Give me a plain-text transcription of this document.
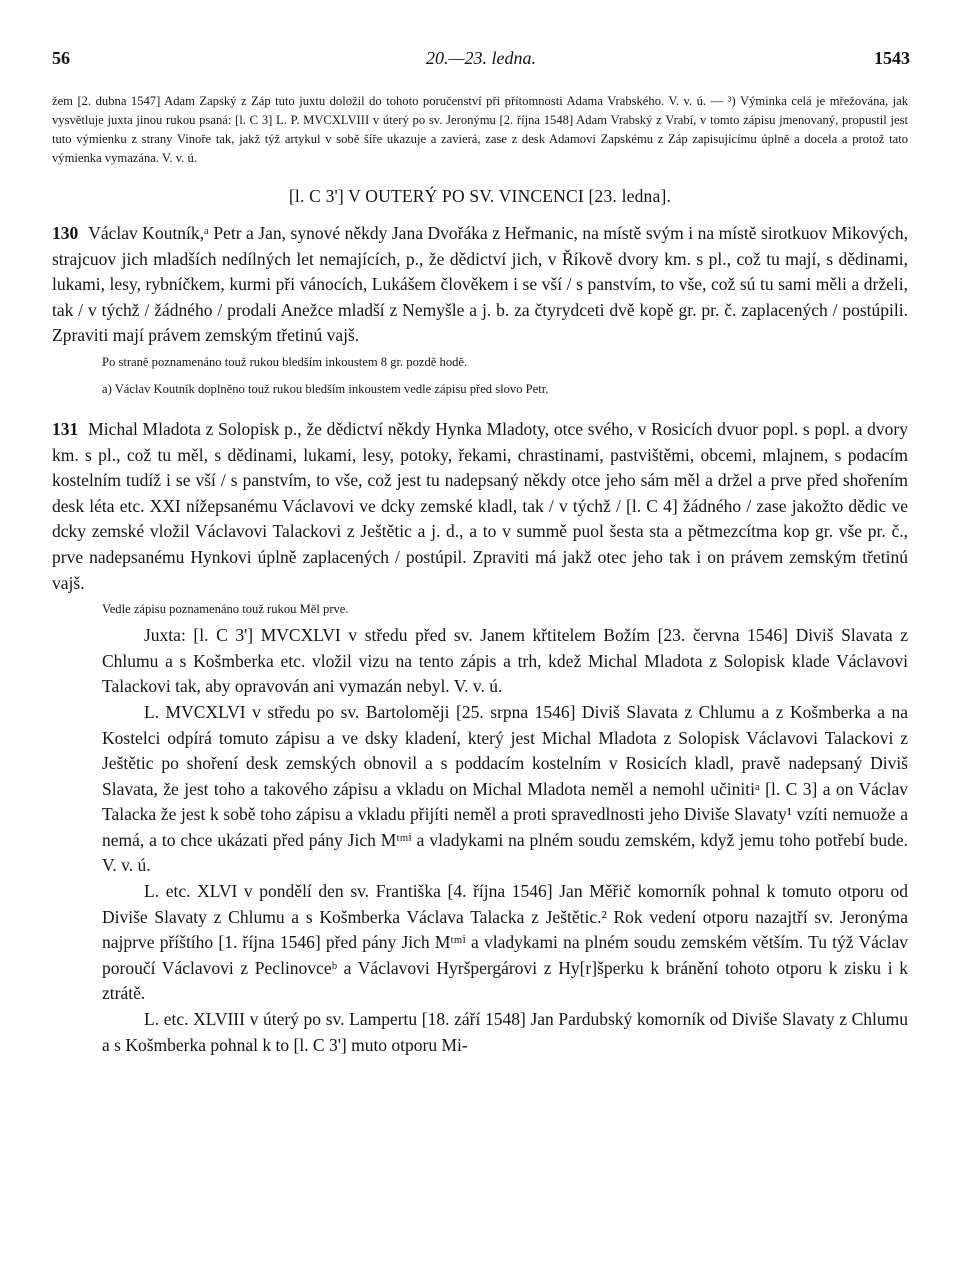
56	20.—23. ledna.	1543

žem [2. dubna 1547] Adam Zapský z Záp tuto juxtu doložil do tohoto poručenství při přítomnosti Adama Vrabského. V. v. ú. — ³) Výminka celá je mřežována, jak vysvětluje juxta jinou rukou psaná: [l. C 3] L. P. MVCXLVIII v úterý po sv. Jeronýmu [2. října 1548] Adam Vrabský z Vrabí, v tomto zápisu jmenovaný, propustil jest tuto výmienku z strany Vinoře tak, jakž týž artykul v sobě šíře ukazuje a zavierá, zase z desk Adamovi Zapskému z Záp zapisujícímu úplně a docela a protož tato výmienka vymazána. V. v. ú.

[l. C 3'] V OUTERÝ PO SV. VINCENCI [23. ledna].

130 Václav Koutník,ᵃ Petr a Jan, synové někdy Jana Dvořáka z Heřmanic, na místě svým i na místě sirotkuov Mikových, strajcuov jich mladších nedílných let nemajících, p., že dědictví jich, v Říkově dvory km. s pl., což tu mají, s dědinami, lukami, lesy, rybníčkem, kurmi při vánocích, Lukášem člověkem i se vší / s panstvím, to vše, což sú tu sami měli a drželi, tak / v týchž / žádného / prodali Anežce mladší z Nemyšle a j. b. za čtyrydceti dvě kopě gr. pr. č. zaplacených / postúpili. Zpraviti mají právem zemským třetinú vajš.

Po straně poznamenáno touž rukou bledším inkoustem 8 gr. pozdě hodě.

a) Václav Koutník doplněno touž rukou bledším inkoustem vedle zápisu před slovo Petr.

131 Michal Mladota z Solopisk p., že dědictví někdy Hynka Mladoty, otce svého, v Rosicích dvuor popl. s popl. a dvory km. s pl., což tu měl, s dědinami, lukami, lesy, potoky, řekami, chrastinami, pastvištěmi, obcemi, mlajnem, s podacím kostelním tudíž i se vší / s panstvím, to vše, což jest tu nadepsaný někdy otce jeho sám měl a držel a prve před shořením desk léta etc. XXI nížepsanému Václavovi ve dcky zemské kladl, tak / v týchž / [l. C 4] žádného / zase jakožto dědic ve dcky zemské vložil Václavovi Talackovi z Ještětic a j. d., a to v summě puol šesta sta a pětmezcítma kop gr. vše pr. č., prve nadepsanému Hynkovi úplně zaplacených / postúpil. Zpraviti má jakž otec jeho tak i on právem zemským třetinú vajš.

Vedle zápisu poznamenáno touž rukou Měl prve.

Juxta: [l. C 3'] MVCXLVI v středu před sv. Janem křtitelem Božím [23. června 1546] Diviš Slavata z Chlumu a s Košmberka etc. vložil vizu na tento zápis a trh, kdež Michal Mladota z Solopisk klade Václavovi Talackovi tak, aby opravován ani vymazán nebyl. V. v. ú.

L. MVCXLVI v středu po sv. Bartoloměji [25. srpna 1546] Diviš Slavata z Chlumu a z Košmberka a na Kostelci odpírá tomuto zápisu a ve dsky kladení, který jest Michal Mladota z Solopisk Václavovi Talackovi z Ještětic po shoření desk zemských obnovil a s poddacím kostelním v Rosicích kladl, pravě nadepsaný Diviš Slavata, že jest toho a takového zápisu a vkladu on Michal Mladota neměl a nemohl učinitiᵃ [l. C 3] a on Václav Talacka že jest k sobě toho zápisu a vkladu přijíti neměl a proti spravedlnosti jeho Diviše Slavaty¹ vzíti nemuože a nemá, a to chce ukázati před pány Jich Mᵗᵐⁱ a vladykami na plném soudu zemském, když jemu toho potřebí bude. V. v. ú.

L. etc. XLVI v pondělí den sv. Františka [4. října 1546] Jan Měřič komorník pohnal k tomuto otporu od Diviše Slavaty z Chlumu a s Košmberka Václava Talacka z Ještětic.² Rok vedení otporu nazajtří sv. Jeronýma najprve příštího [1. října 1546] před pány Jich Mᵗᵐⁱ a vladykami na plném soudu zemském větším. Tu týž Václav poroučí Václavovi z Peclinovceᵇ a Václavovi Hyršpergárovi z Hy[r]šperku k bránění tohoto otporu k zisku i k ztrátě.

L. etc. XLVIII v úterý po sv. Lampertu [18. září 1548] Jan Pardubský komorník od Diviše Slavaty z Chlumu a s Košmberka pohnal k to [l. C 3'] muto otporu Mi-
